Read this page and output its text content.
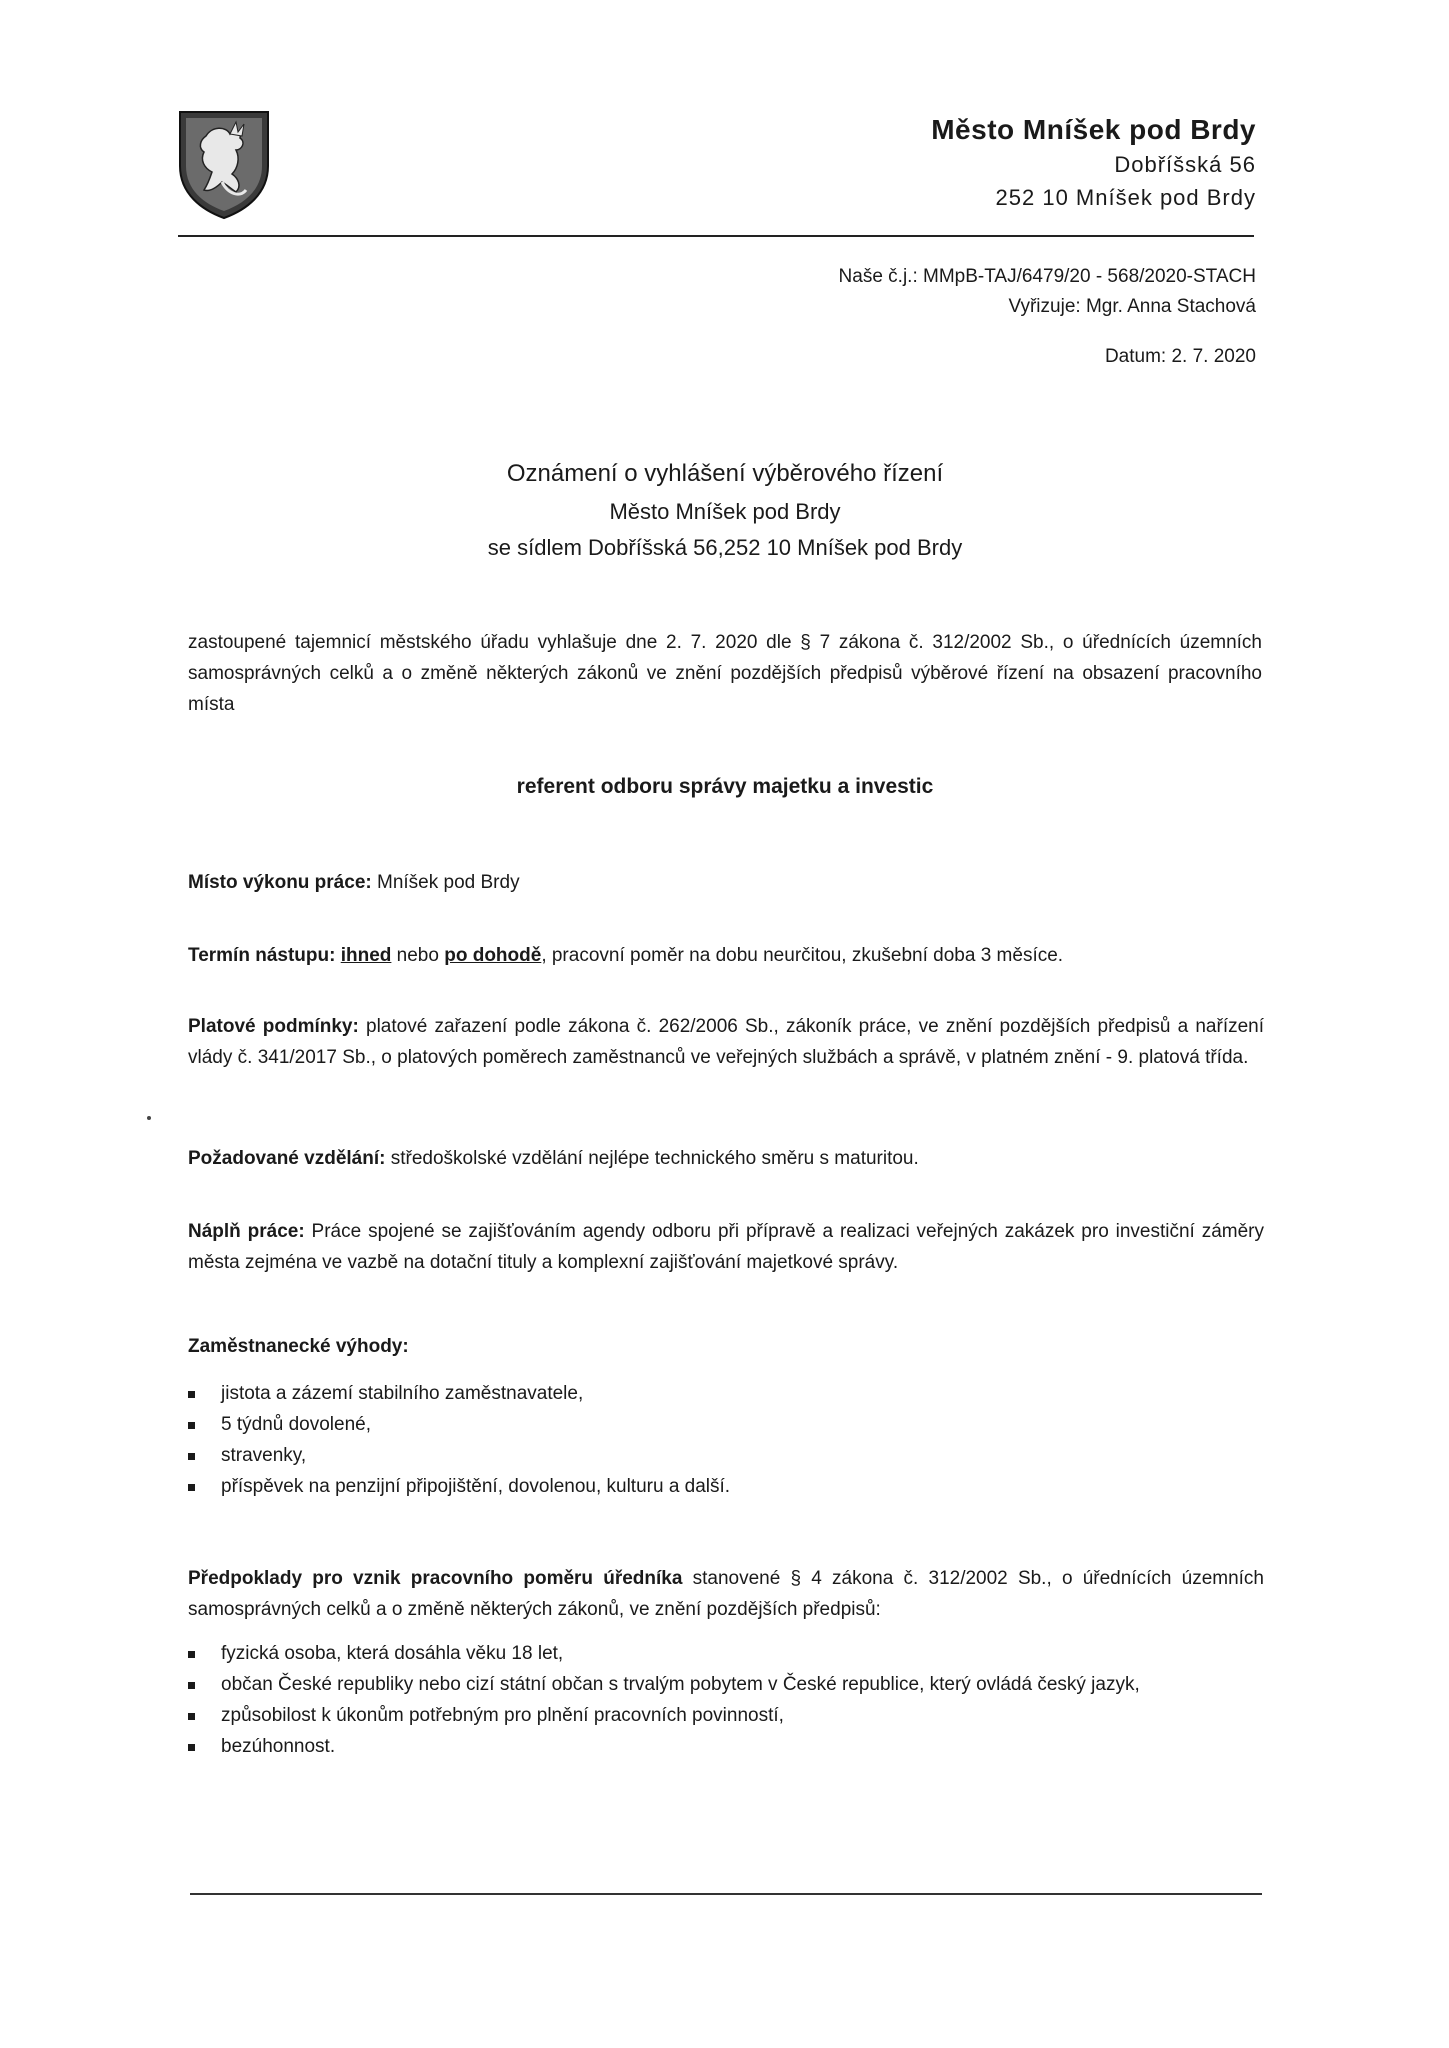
Město Mníšek pod Brdy
Dobříšská 56
252 10 Mníšek pod Brdy
Naše č.j.: MMpB-TAJ/6479/20 - 568/2020-STACH
Vyřizuje: Mgr. Anna Stachová
Datum: 2. 7. 2020
Oznámení o vyhlášení výběrového řízení
Město Mníšek pod Brdy
se sídlem Dobříšská 56,252 10 Mníšek pod Brdy
zastoupené tajemnicí městského úřadu vyhlašuje dne 2. 7. 2020 dle § 7 zákona č. 312/2002 Sb., o úřednících územních samosprávných celků a o změně některých zákonů ve znění pozdějších předpisů výběrové řízení na obsazení pracovního místa
referent odboru správy majetku a investic
Místo výkonu práce: Mníšek pod Brdy
Termín nástupu: ihned nebo po dohodě, pracovní poměr na dobu neurčitou, zkušební doba 3 měsíce.
Platové podmínky: platové zařazení podle zákona č. 262/2006 Sb., zákoník práce, ve znění pozdějších předpisů a nařízení vlády č. 341/2017 Sb., o platových poměrech zaměstnanců ve veřejných službách a správě, v platném znění - 9. platová třída.
Požadované vzdělání: středoškolské vzdělání nejlépe technického směru s maturitou.
Náplň práce: Práce spojené se zajišťováním agendy odboru při přípravě a realizaci veřejných zakázek pro investiční záměry města zejména ve vazbě na dotační tituly a komplexní zajišťování majetkové správy.
Zaměstnanecké výhody:
jistota a zázemí stabilního zaměstnavatele,
5 týdnů dovolené,
stravenky,
příspěvek na penzijní připojištění, dovolenou, kulturu a další.
Předpoklady pro vznik pracovního poměru úředníka stanovené § 4 zákona č. 312/2002 Sb., o úřednících územních samosprávných celků a o změně některých zákonů, ve znění pozdějších předpisů:
fyzická osoba, která dosáhla věku 18 let,
občan České republiky nebo cizí státní občan s trvalým pobytem v České republice, který ovládá český jazyk,
způsobilost k úkonům potřebným pro plnění pracovních povinností,
bezúhonnost.
